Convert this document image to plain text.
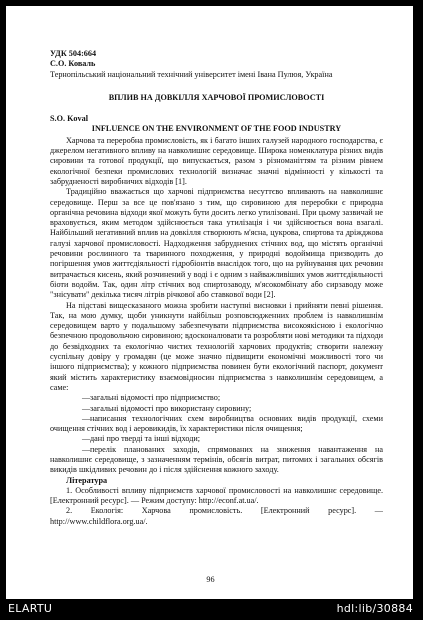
УДК 504:664
С.О. Коваль
Тернопільський національний технічний університет імені Івана Пулюя, Україна
ВПЛИВ НА ДОВКІЛЛЯ ХАРЧОВОЇ ПРОМИСЛОВОСТІ
S.O. Koval
INFLUENCE ON THE ENVIRONMENT OF THE FOOD INDUSTRY

Харчова та переробна промисловість, як і багато інших галузей народного господарства, є джерелом негативного впливу на навколишнє середовище. Широка номенклатура різних видів сировини та готової продукції, що випускається, разом з різноманіттям та різним рівнем екологічної безпеки промислових технологій визначає значні відмінності у кількості та забрудненості виробничих відходів [1].

Традиційно вважається що харчові підприємства несуттєво впливають на навколишнє середовище. Перш за все це пов'язано з тим, що сировиною для переробки є природна органічна речовина відходи якої можуть бути досить легко утилізовані. При цьому зазвичай не враховується, яким методом здійснюється така утилізація і чи здійснюється вона взагалі. Найбільший негативний вплив на довкілля створюють м'ясна, цукрова, спиртова та дріжджова галузі харчової промисловості. Надходження забруднених стічних вод, що містять органічні речовини рослинного та тваринного походження, у природні водоймища призводить до погіршення умов життєдіяльності гідробіонтів внаслідок того, що на руйнування цих речовин витрачається кисень, який розчинений у воді і є одним з найважливіших умов життєдіяльності біоти водойм. Так, один літр стічних вод спиртозаводу, м'ясокомбінату або сирзаводу може "знісувати" декілька тисяч літрів річкової або ставкової води [2].

На підставі вищесказаного можна зробити наступні висновки і прийняти певні рішення. Так, на мою думку, щоби уникнути найбільш розповсюдженних проблем із навколишнім середовищем варто у подальшому забезпечувати підприємства високоякісною і екологічно безпечною продовольчою сировиною; вдосконалювати та розробляти нові методики та підходи до безвідходних та екологічно чистих технологій харчових продуктів; створити належну суспільну довіру у громадян (це може значно підвищити економічні можливості того чи іншого підприємства); у кожного підприємства повинен бути екологічний паспорт, документ який містить характеристику взаємовідносин підприємства з навколишнім середовищем, а саме:

—загальні відомості про підприємство;
—загальні відомості про використану сировину;
—написання технологічних схем виробництва основних видів продукції, схеми очищення стічних вод і аеровикидів, їх характеристики після очищення;
—дані про тверді та інші відходи;
—перелік планованих заходів, спрямованих на зниження навантаження на навколишнє середовище, з зазначенням термінів, обсягів витрат, питомих і загальних обсягів викидів шкідливих речовин до і після здійснення кожного заходу.
Література
1. Особливості впливу підприємств харчової промисловості на навколишнє середовище. [Електронний ресурс]. — Режим доступу: http://econf.at.ua/.
2. Екологія: Харчова промисловість. [Електронний ресурс]. — http://www.childflora.org.ua/.
96
ELARTU	hdl:lib/30884
